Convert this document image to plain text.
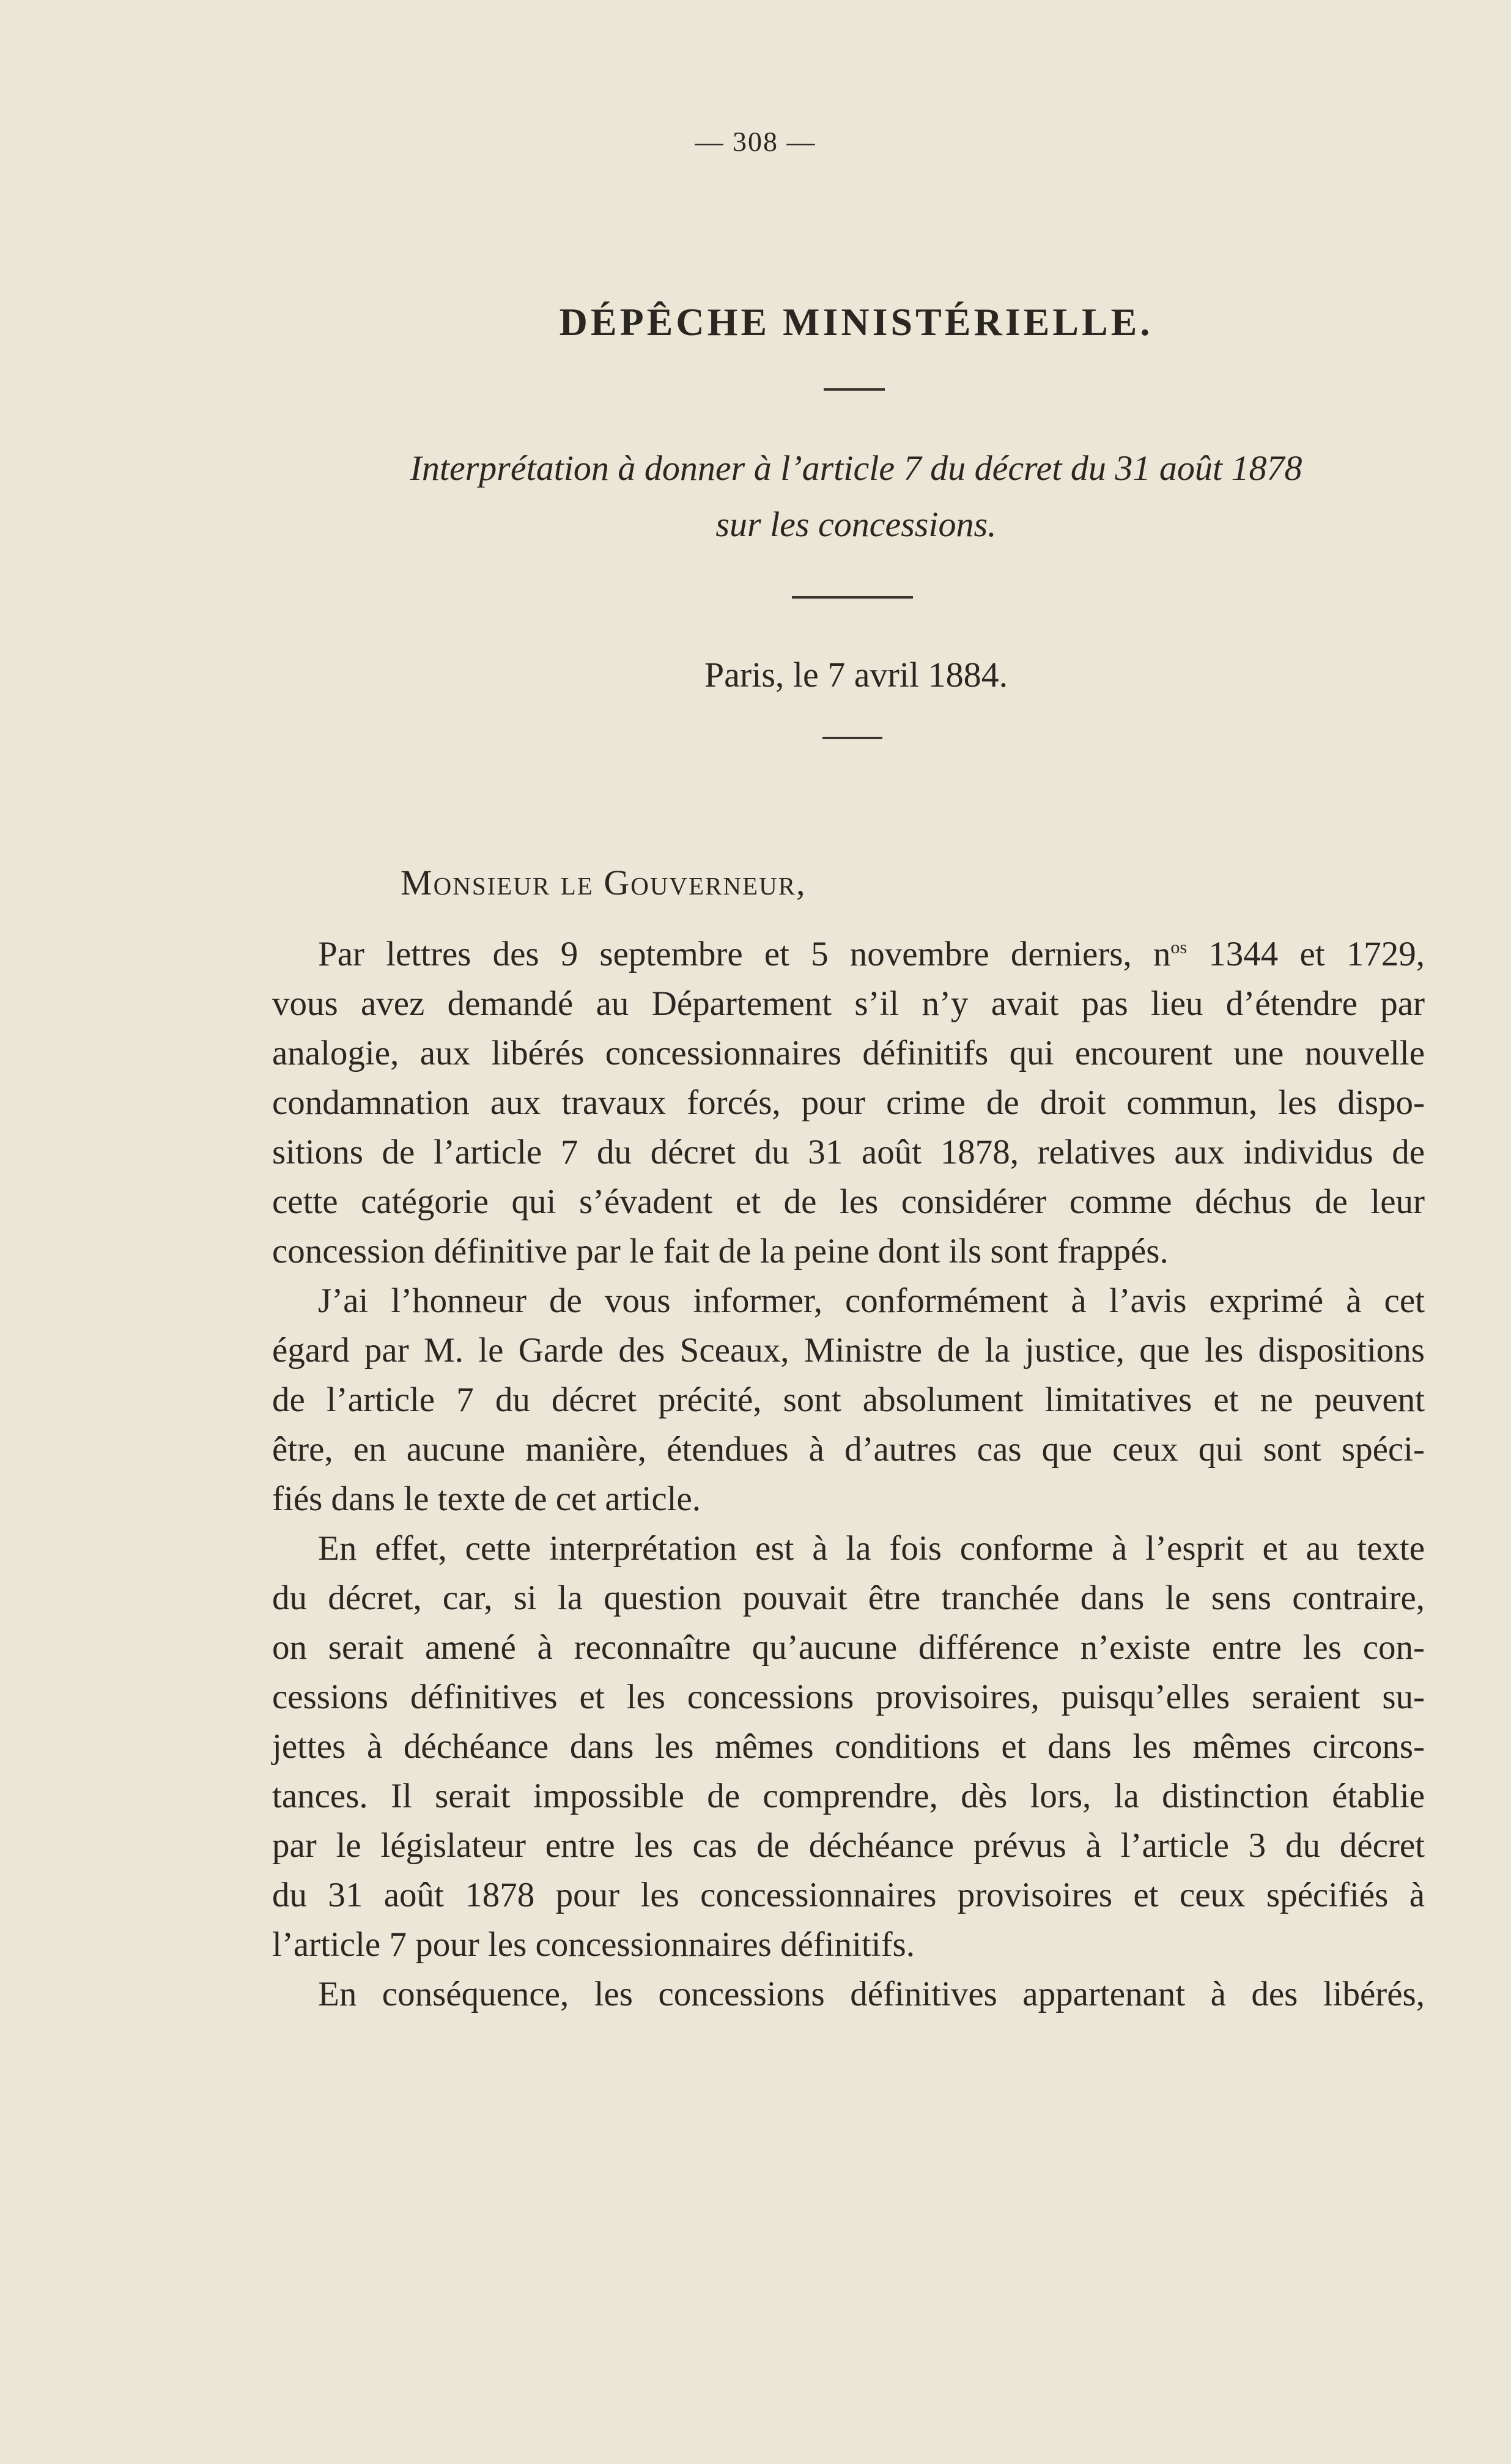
— 308 —
DÉPÊCHE MINISTÉRIELLE.
Interprétation à donner à l’article 7 du décret du 31 août 1878
sur les concessions.
Paris, le 7 avril 1884.
Monsieur le Gouverneur,
Par lettres des 9 septembre et 5 novembre derniers, $n^{os}$ 1344 et 1729,
vous avez demandé au Département s’il n’y avait pas lieu d’étendre par
analogie, aux libérés concessionnaires définitifs qui encourent une nouvelle
condamnation aux travaux forcés, pour crime de droit commun, les dispo-
sitions de l’article 7 du décret du 31 août 1878, relatives aux individus de
cette catégorie qui s’évadent et de les considérer comme déchus de leur
concession définitive par le fait de la peine dont ils sont frappés.
J’ai l’honneur de vous informer, conformément à l’avis exprimé à cet
égard par M. le Garde des Sceaux, Ministre de la justice, que les dispositions
de l’article 7 du décret précité, sont absolument limitatives et ne peuvent
être, en aucune manière, étendues à d’autres cas que ceux qui sont spéci-
fiés dans le texte de cet article.
En effet, cette interprétation est à la fois conforme à l’esprit et au texte
du décret, car, si la question pouvait être tranchée dans le sens contraire,
on serait amené à reconnaître qu’aucune différence n’existe entre les con-
cessions définitives et les concessions provisoires, puisqu’elles seraient su-
jettes à déchéance dans les mêmes conditions et dans les mêmes circons-
tances. Il serait impossible de comprendre, dès lors, la distinction établie
par le législateur entre les cas de déchéance prévus à l’article 3 du décret
du 31 août 1878 pour les concessionnaires provisoires et ceux spécifiés à
l’article 7 pour les concessionnaires définitifs.
En conséquence, les concessions définitives appartenant à des libérés,
